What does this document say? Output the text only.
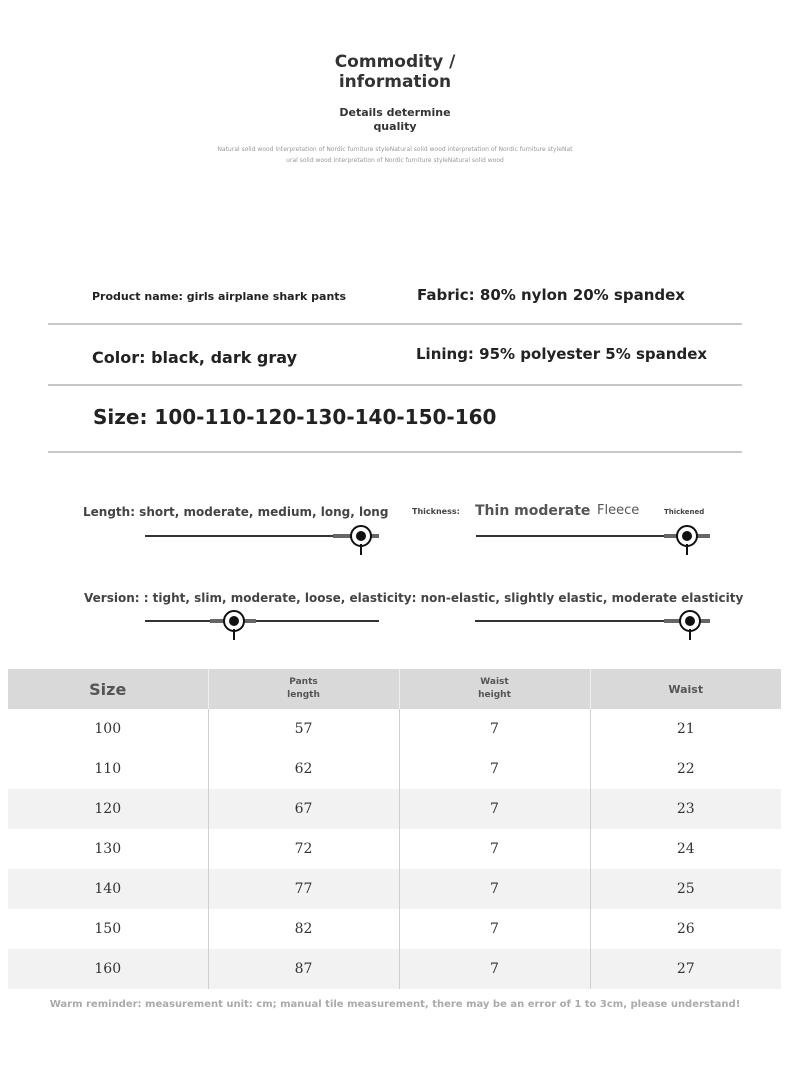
Commodity /
information
Details determine
quality
Natural solid wood interpretation of Nordic furniture styleNatural solid wood interpretation of Nordic furniture styleNat
ural solid wood interpretation of Nordic furniture styleNatural solid wood
Product name: girls airplane shark pants	Fabric: 80% nylon 20% spandex
Color: black, dark gray	Lining: 95% polyester 5% spandex
Size: 100-110-120-130-140-150-160
Length: short, moderate, medium, long, long	Thickness: Thin moderate Fleece	Thickened
Version: : tight, slim, moderate, loose, elasticity: non-elastic, slightly elastic, moderate elasticity
Size	Pants length	Waist height	Waist
100	57	7	21
110	62	7	22
120	67	7	23
130	72	7	24
140	77	7	25
150	82	7	26
160	87	7	27
Warm reminder: measurement unit: cm; manual tile measurement, there may be an error of 1 to 3cm, please understand!
